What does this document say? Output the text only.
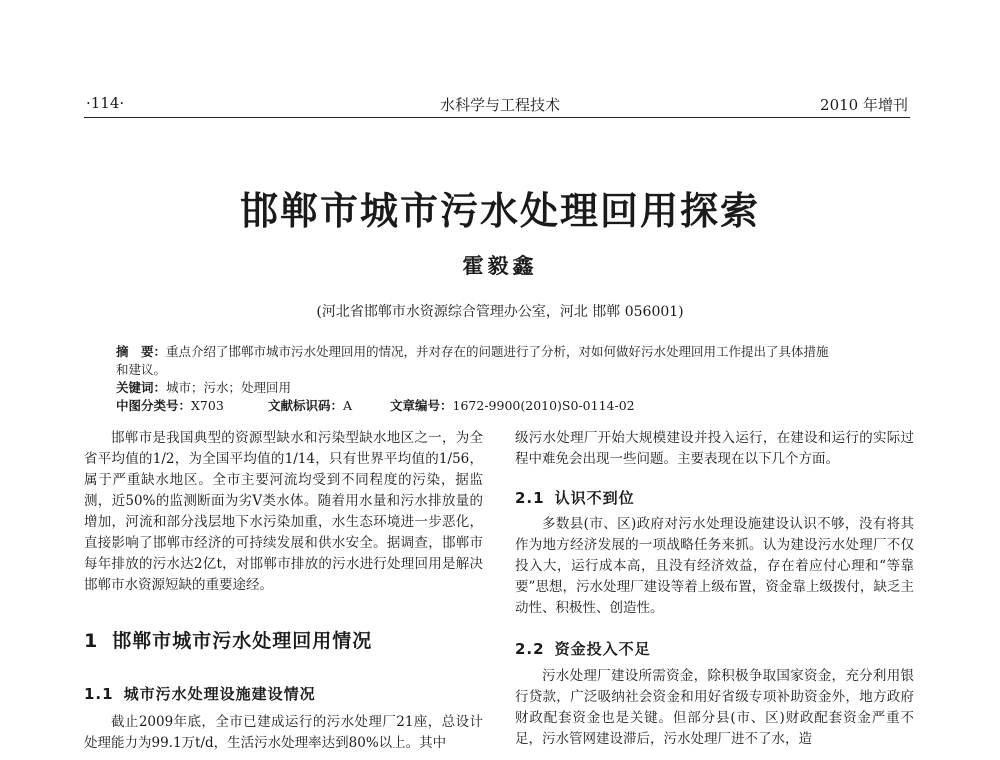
·114·	水科学与工程技术	2010 年增刊
邯郸市城市污水处理回用探索
霍毅鑫
(河北省邯郸市水资源综合管理办公室，河北 邯郸 056001)
摘　要：重点介绍了邯郸市城市污水处理回用的情况，并对存在的问题进行了分析，对如何做好污水处理回用工作提出了具体措施
和建议。
关键词：城市；污水；处理回用
中图分类号：X703	文献标识码：A	文章编号：1672-9900(2010)S0-0114-02

邯郸市是我国典型的资源型缺水和污染型缺水地区之一，为全省平均值的1/2，为全国平均值的1/14，只有世界平均值的1/56，属于严重缺水地区。全市主要河流均受到不同程度的污染，据监测，近50%的监测断面为劣Ⅴ类水体。随着用水量和污水排放量的增加，河流和部分浅层地下水污染加重，水生态环境进一步恶化，直接影响了邯郸市经济的可持续发展和供水安全。据调查，邯郸市每年排放的污水达2亿t，对邯郸市排放的污水进行处理回用是解决邯郸市水资源短缺的重要途经。

1 邯郸市城市污水处理回用情况
1.1 城市污水处理设施建设情况

截止2009年底，全市已建成运行的污水处理厂21座，总设计处理能力为99.1万t/d，生活污水处理率达到80%以上。其中

级污水处理厂开始大规模建设并投入运行，在建设和运行的实际过程中难免会出现一些问题。主要表现在以下几个方面。

2.1 认识不到位

多数县(市、区)政府对污水处理设施建设认识不够，没有将其作为地方经济发展的一项战略任务来抓。认为建设污水处理厂不仅投入大，运行成本高，且没有经济效益，存在着应付心理和“等靠要”思想，污水处理厂建设等着上级布置，资金靠上级拨付，缺乏主动性、积极性、创造性。

2.2 资金投入不足

污水处理厂建设所需资金，除积极争取国家资金，充分利用银行贷款，广泛吸纳社会资金和用好省级专项补助资金外，地方政府财政配套资金也是关键。但部分县(市、区)财政配套资金严重不足，污水管网建设滞后，污水处理厂进不了水，造
